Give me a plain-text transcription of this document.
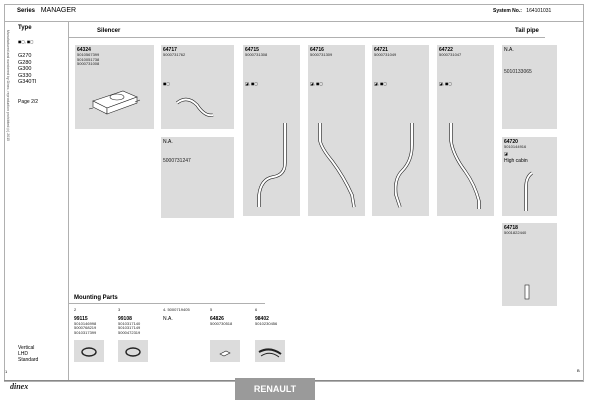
Series MANAGER	System No.: 164101031
Manufactured and numbered by Dinex, reproduction prohibited (c) 2015
Type
◼◻, ◼◻
G270
G280
G300
G330
G340TI
Page 2/2
Vertical
LHD
Standard
1
Silencer	Tail pipe
64324
5010567399
5010051738
5000731008
64717
5000731762
◼◻
64715
5000731308
◪, ◼◻
64716
5000731309
◪, ◼◻
64721
5000731049
◪, ◼◻
64722
5000731047
◪, ◼◻
N.A.
5010133065
N.A.
5000731247
64720
5010144916
◪
High cabin
64718
5001822440
Mounting Parts
2
99115
5010146998
5000768219
5010317399
3
99108
5010317140
5010317149
5000472319
4. 5000719405
N.A.
5
64826
5000730518
6
98402
5010230456
dinex	RENAULT
B
